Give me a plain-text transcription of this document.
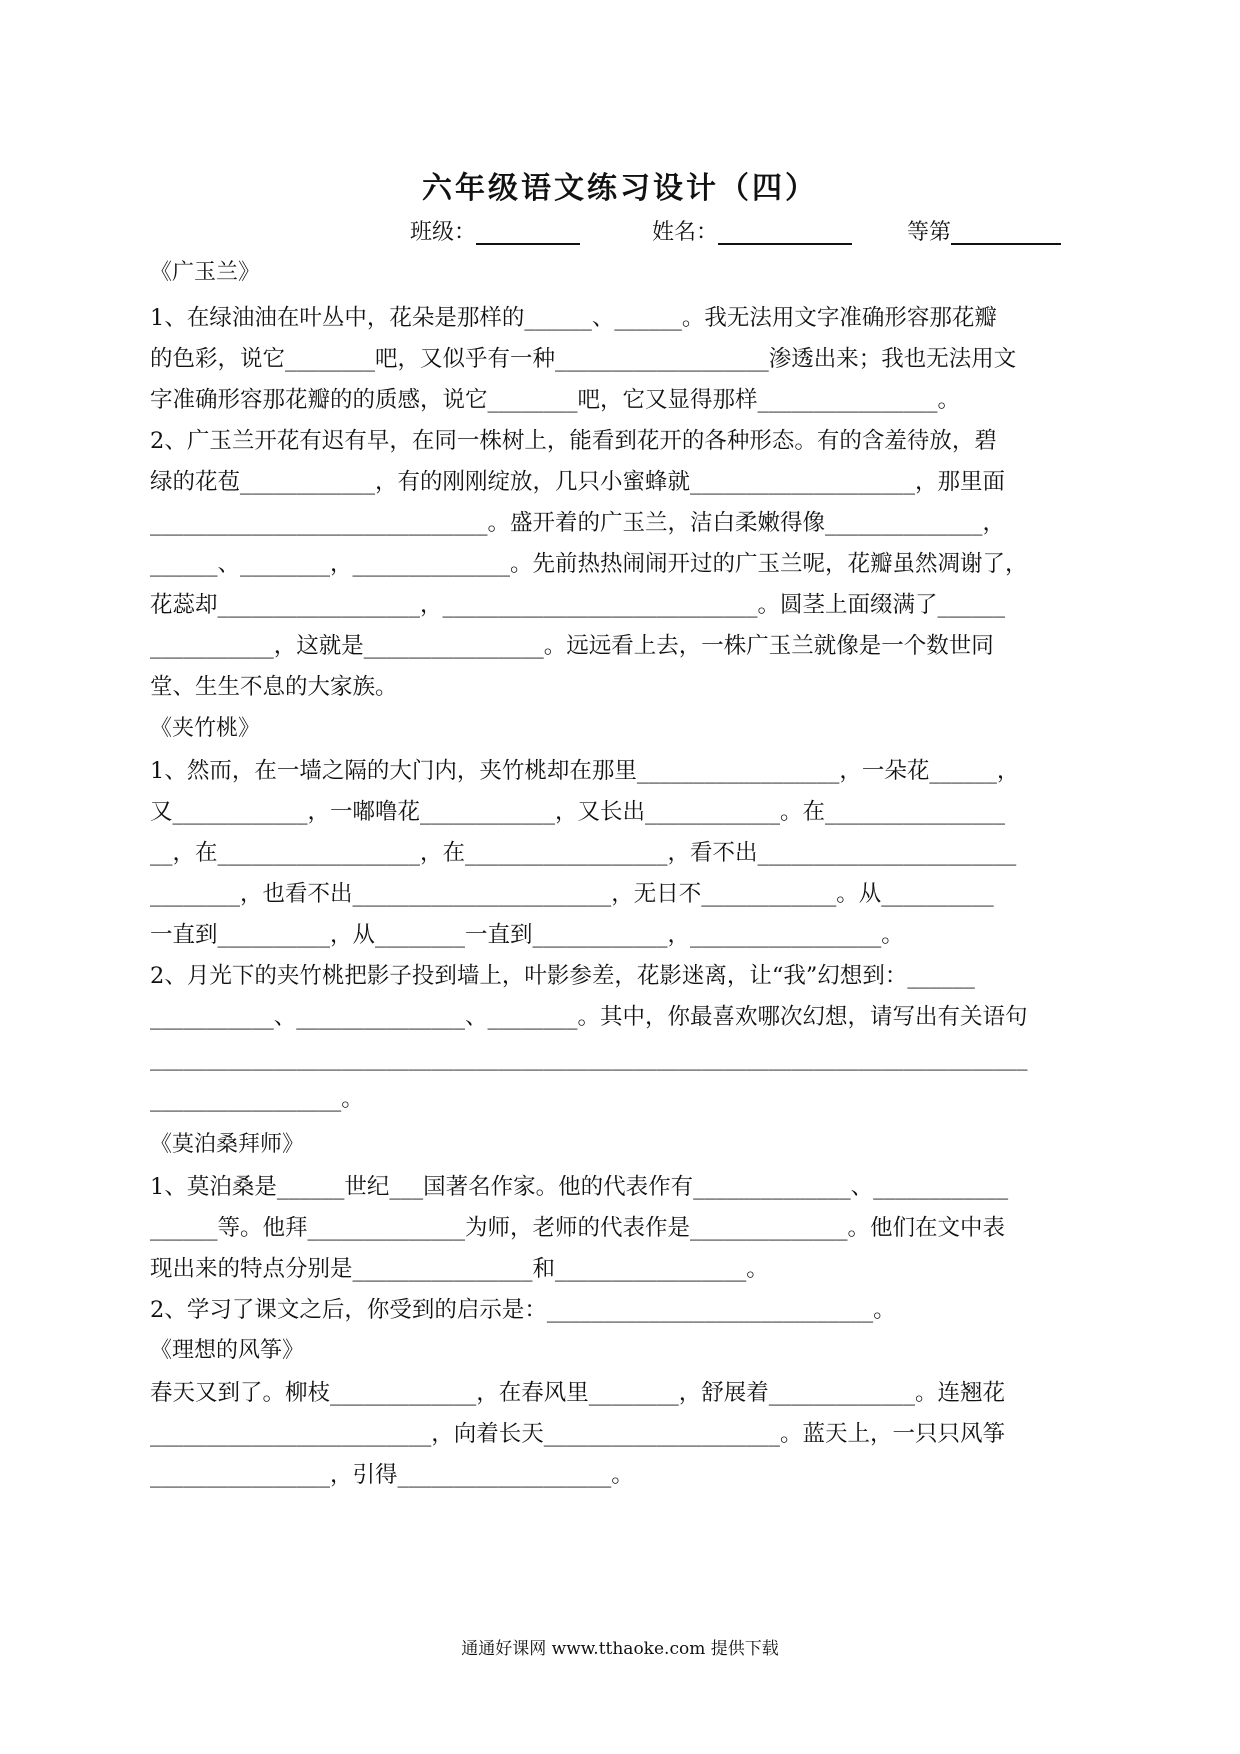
六年级语文练习设计（四）
班级：	姓名：	等第
《广玉兰》
1、在绿油油在叶丛中，花朵是那样的______、______。我无法用文字准确形容那花瓣
的色彩，说它________吧，又似乎有一种___________________渗透出来；我也无法用文
字准确形容那花瓣的的质感，说它________吧，它又显得那样________________。
2、广玉兰开花有迟有早，在同一株树上，能看到花开的各种形态。有的含羞待放，碧
绿的花苞____________，有的刚刚绽放，几只小蜜蜂就____________________，那里面
______________________________。盛开着的广玉兰，洁白柔嫩得像______________，
______、________，______________。先前热热闹闹开过的广玉兰呢，花瓣虽然凋谢了，
花蕊却__________________，____________________________。圆茎上面缀满了______
___________，这就是________________。远远看上去，一株广玉兰就像是一个数世同
堂、生生不息的大家族。
《夹竹桃》
1、然而，在一墙之隔的大门内，夹竹桃却在那里__________________，一朵花______，
又____________，一嘟噜花____________，又长出____________。在________________
__，在__________________，在__________________，看不出_______________________
________，也看不出_______________________，无日不____________。从__________
一直到__________，从________一直到____________，_________________。
2、月光下的夹竹桃把影子投到墙上，叶影参差，花影迷离，让“我”幻想到：______
___________、_______________、________。其中，你最喜欢哪次幻想，请写出有关语句
______________________________________________________________________________
_________________。
《莫泊桑拜师》
1、莫泊桑是______世纪___国著名作家。他的代表作有______________、____________
______等。他拜______________为师，老师的代表作是______________。他们在文中表
现出来的特点分别是________________和_________________。
2、学习了课文之后，你受到的启示是：_____________________________。
《理想的风筝》
春天又到了。柳枝_____________，在春风里________，舒展着_____________。连翘花
_________________________，向着长天_____________________。蓝天上，一只只风筝
________________，引得___________________。
通通好课网 www.tthaoke.com 提供下载
